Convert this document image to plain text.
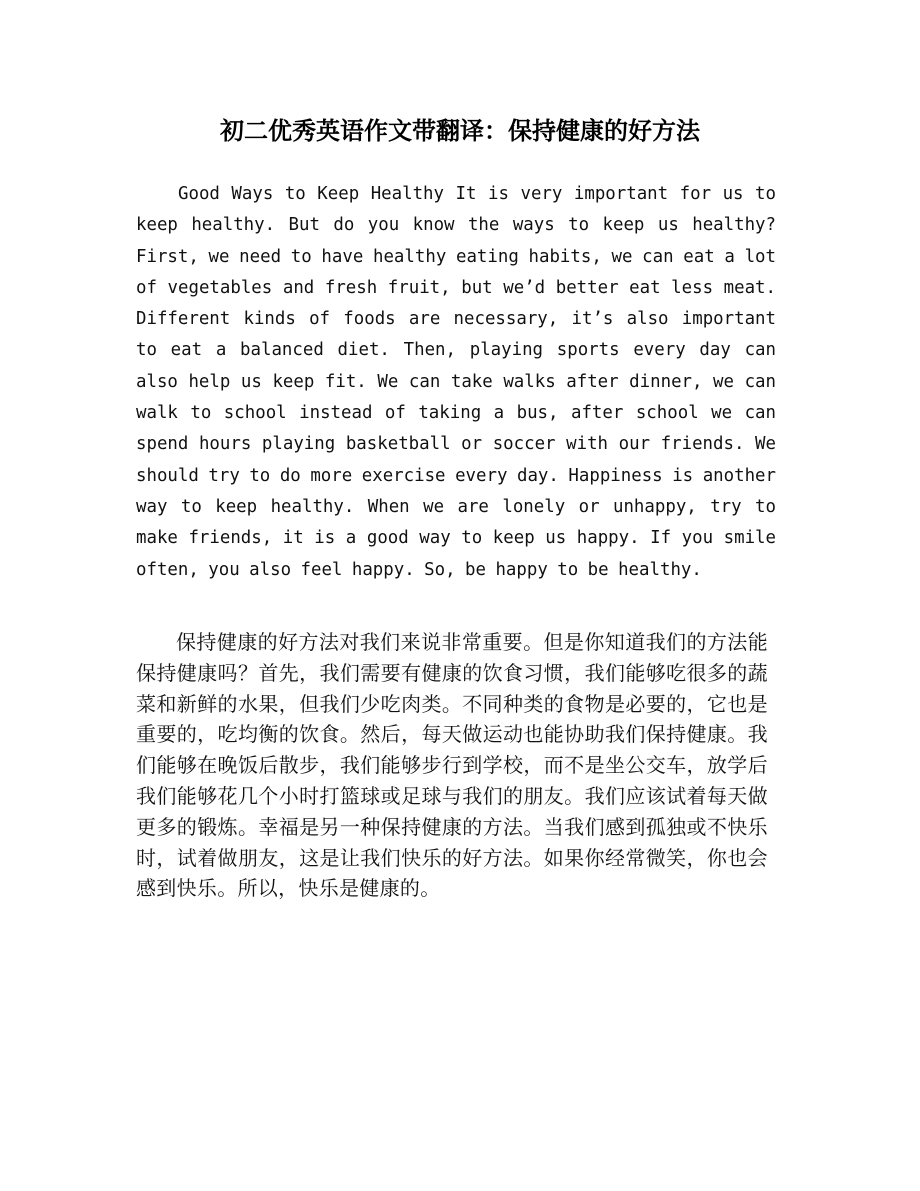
初二优秀英语作文带翻译：保持健康的好方法

Good Ways to Keep Healthy It is very important for us to keep healthy. But do you know the ways to keep us healthy? First, we need to have healthy eating habits, we can eat a lot of vegetables and fresh fruit, but we’d better eat less meat. Different kinds of foods are necessary, it’s also important to eat a balanced diet. Then, playing sports every day can also help us keep fit. We can take walks after dinner, we can walk to school instead of taking a bus, after school we can spend hours playing basketball or soccer with our friends. We should try to do more exercise every day. Happiness is another way to keep healthy. When we are lonely or unhappy, try to make friends, it is a good way to keep us happy. If you smile often, you also feel happy. So, be happy to be healthy.

保持健康的好方法对我们来说非常重要。但是你知道我们的方法能保持健康吗？首先，我们需要有健康的饮食习惯，我们能够吃很多的蔬菜和新鲜的水果，但我们少吃肉类。不同种类的食物是必要的，它也是重要的，吃均衡的饮食。然后，每天做运动也能协助我们保持健康。我们能够在晚饭后散步，我们能够步行到学校，而不是坐公交车，放学后我们能够花几个小时打篮球或足球与我们的朋友。我们应该试着每天做更多的锻炼。幸福是另一种保持健康的方法。当我们感到孤独或不快乐时，试着做朋友，这是让我们快乐的好方法。如果你经常微笑，你也会感到快乐。所以，快乐是健康的。
